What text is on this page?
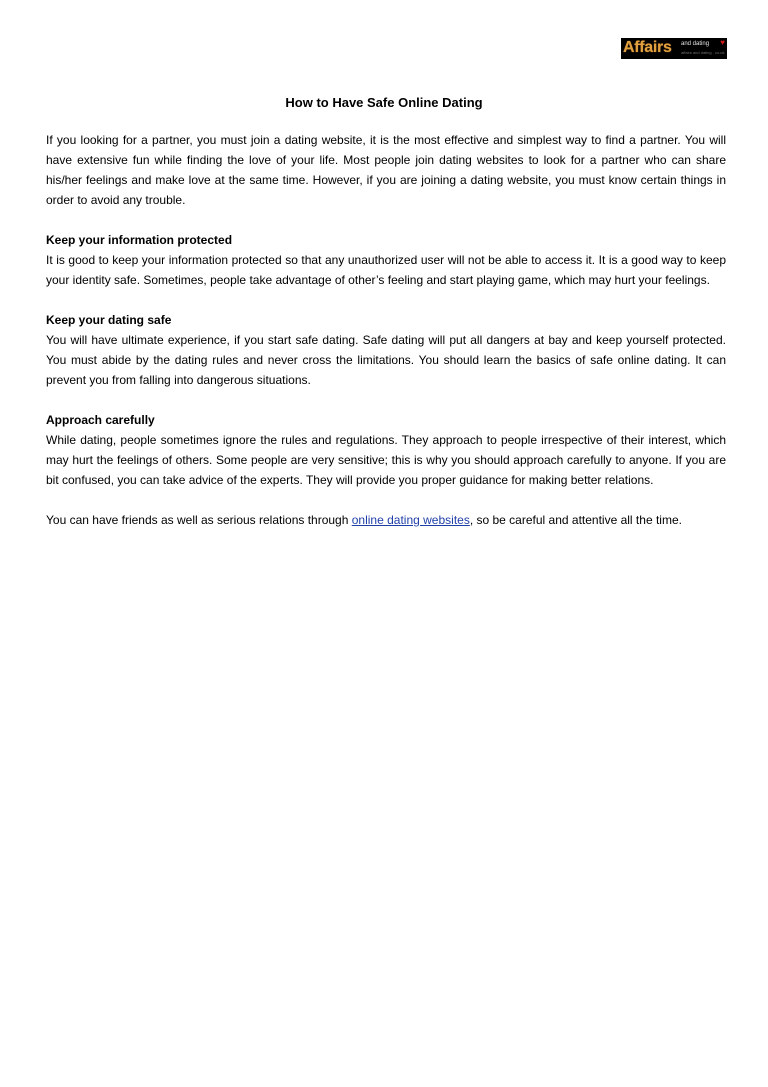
Affairs and dating
affairs and dating . co.uk
♥
How to Have Safe Online Dating

If you looking for a partner, you must join a dating website, it is the most effective and simplest way to find a partner. You will have extensive fun while finding the love of your life. Most people join dating websites to look for a partner who can share his/her feelings and make love at the same time. However, if you are joining a dating website, you must know certain things in order to avoid any trouble.

Keep your information protected

It is good to keep your information protected so that any unauthorized user will not be able to access it. It is a good way to keep your identity safe. Sometimes, people take advantage of other’s feeling and start playing game, which may hurt your feelings.

Keep your dating safe

You will have ultimate experience, if you start safe dating. Safe dating will put all dangers at bay and keep yourself protected. You must abide by the dating rules and never cross the limitations. You should learn the basics of safe online dating. It can prevent you from falling into dangerous situations.

Approach carefully

While dating, people sometimes ignore the rules and regulations. They approach to people irrespective of their interest, which may hurt the feelings of others. Some people are very sensitive; this is why you should approach carefully to anyone. If you are bit confused, you can take advice of the experts. They will provide you proper guidance for making better relations.

You can have friends as well as serious relations through online dating websites, so be careful and attentive all the time.
